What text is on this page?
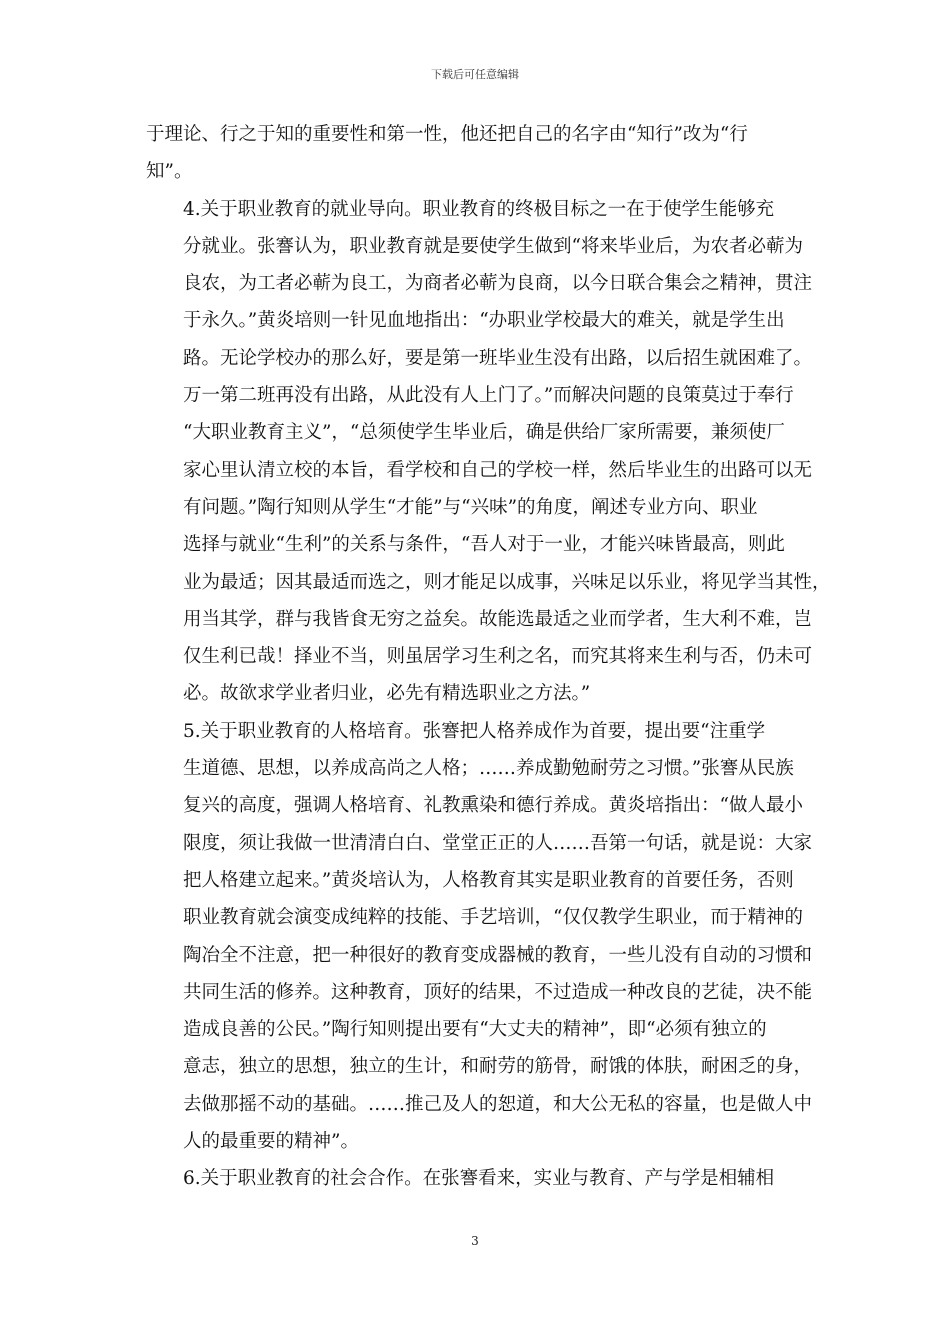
下载后可任意编辑

于理论、行之于知的重要性和第一性，他还把自己的名字由“知行”改为“行
知”。

4.关于职业教育的就业导向。职业教育的终极目标之一在于使学生能够充
分就业。张謇认为，职业教育就是要使学生做到“将来毕业后，为农者必蕲为
良农，为工者必蕲为良工，为商者必蕲为良商，以今日联合集会之精神，贯注
于永久。”黄炎培则一针见血地指出：“办职业学校最大的难关，就是学生出
路。无论学校办的那么好，要是第一班毕业生没有出路，以后招生就困难了。
万一第二班再没有出路，从此没有人上门了。”而解决问题的良策莫过于奉行
“大职业教育主义”，“总须使学生毕业后，确是供给厂家所需要，兼须使厂
家心里认清立校的本旨，看学校和自己的学校一样，然后毕业生的出路可以无
有问题。”陶行知则从学生“才能”与“兴味”的角度，阐述专业方向、职业
选择与就业“生利”的关系与条件，“吾人对于一业，才能兴味皆最高，则此
业为最适；因其最适而选之，则才能足以成事，兴味足以乐业，将见学当其性，
用当其学，群与我皆食无穷之益矣。故能选最适之业而学者，生大利不难，岂
仅生利已哉！择业不当，则虽居学习生利之名，而究其将来生利与否，仍未可
必。故欲求学业者归业，必先有精选职业之方法。”

5.关于职业教育的人格培育。张謇把人格养成作为首要，提出要“注重学
生道德、思想，以养成高尚之人格；……养成勤勉耐劳之习惯。”张謇从民族
复兴的高度，强调人格培育、礼教熏染和德行养成。黄炎培指出：“做人最小
限度，须让我做一世清清白白、堂堂正正的人……吾第一句话，就是说：大家
把人格建立起来。”黄炎培认为，人格教育其实是职业教育的首要任务，否则
职业教育就会演变成纯粹的技能、手艺培训，“仅仅教学生职业，而于精神的
陶冶全不注意，把一种很好的教育变成器械的教育，一些儿没有自动的习惯和
共同生活的修养。这种教育，顶好的结果，不过造成一种改良的艺徒，决不能
造成良善的公民。”陶行知则提出要有“大丈夫的精神”，即“必须有独立的
意志，独立的思想，独立的生计，和耐劳的筋骨，耐饿的体肤，耐困乏的身，
去做那摇不动的基础。……推己及人的恕道，和大公无私的容量，也是做人中
人的最重要的精神”。

6.关于职业教育的社会合作。在张謇看来，实业与教育、产与学是相辅相

3
